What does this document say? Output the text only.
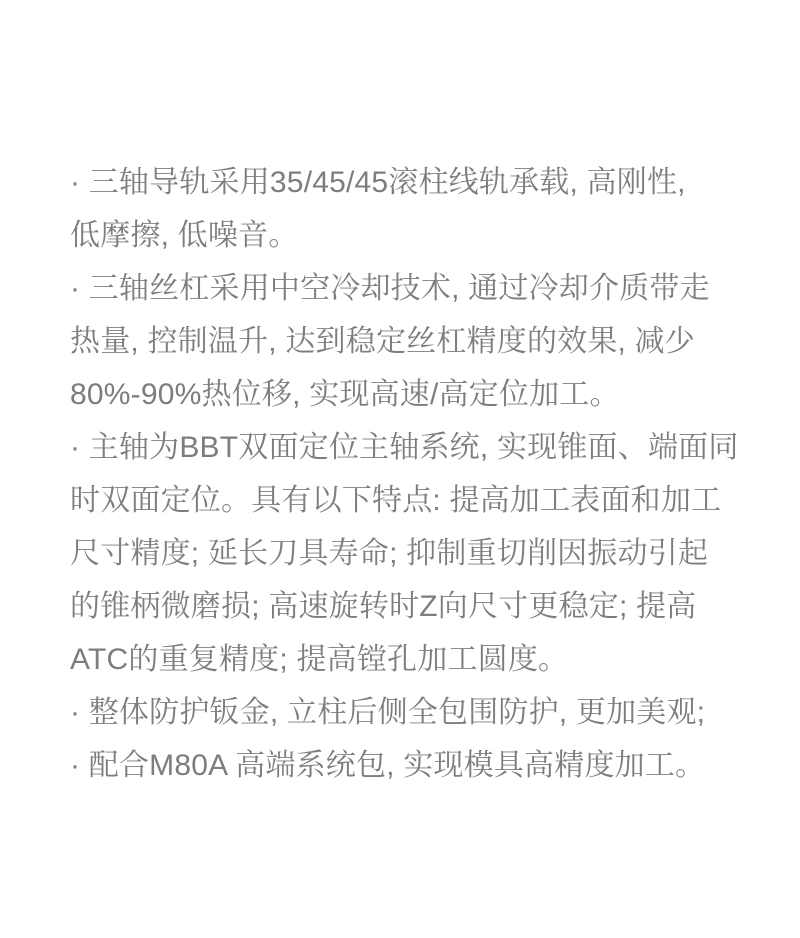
· 三轴导轨采用35/45/45滚柱线轨承载, 高刚性,
低摩擦, 低噪音。

· 三轴丝杠采用中空冷却技术, 通过冷却介质带走
热量, 控制温升, 达到稳定丝杠精度的效果, 减少
80%-90%热位移, 实现高速/高定位加工。

· 主轴为BBT双面定位主轴系统, 实现锥面、端面同
时双面定位。具有以下特点: 提高加工表面和加工
尺寸精度; 延长刀具寿命; 抑制重切削因振动引起
的锥柄微磨损; 高速旋转时Z向尺寸更稳定; 提高
ATC的重复精度; 提高镗孔加工圆度。

· 整体防护钣金, 立柱后侧全包围防护, 更加美观;

· 配合M80A 高端系统包, 实现模具高精度加工。
